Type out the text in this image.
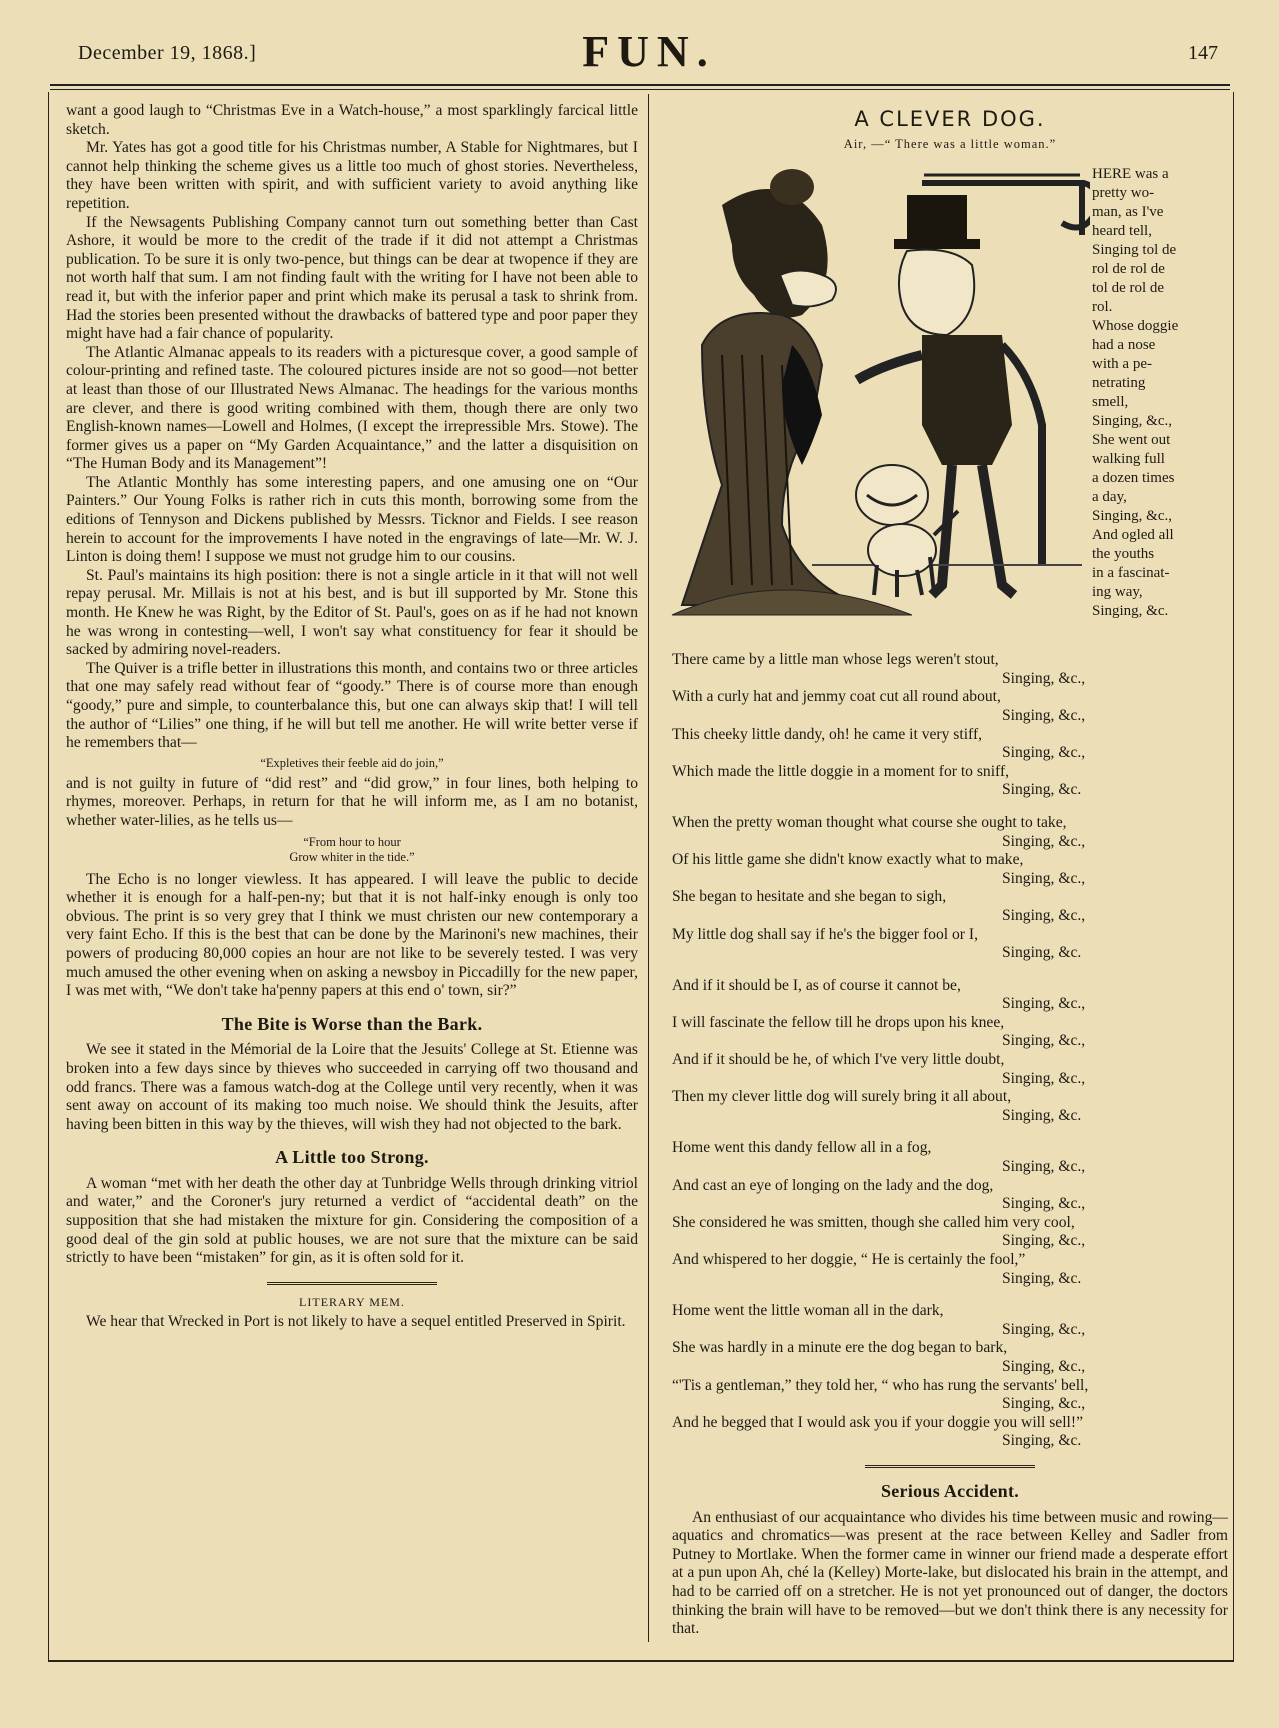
December 19, 1868.]	FUN.	147

want a good laugh to “Christmas Eve in a Watch-house,” a most sparklingly farcical little sketch.

Mr. Yates has got a good title for his Christmas number, A Stable for Nightmares, but I cannot help thinking the scheme gives us a little too much of ghost stories. Nevertheless, they have been written with spirit, and with sufficient variety to avoid anything like repetition.

If the Newsagents Publishing Company cannot turn out something better than Cast Ashore, it would be more to the credit of the trade if it did not attempt a Christmas publication. To be sure it is only two-pence, but things can be dear at twopence if they are not worth half that sum. I am not finding fault with the writing for I have not been able to read it, but with the inferior paper and print which make its perusal a task to shrink from. Had the stories been presented without the drawbacks of battered type and poor paper they might have had a fair chance of popularity.

The Atlantic Almanac appeals to its readers with a picturesque cover, a good sample of colour-printing and refined taste. The coloured pictures inside are not so good—not better at least than those of our Illustrated News Almanac. The headings for the various months are clever, and there is good writing combined with them, though there are only two English-known names—Lowell and Holmes, (I except the irrepressible Mrs. Stowe). The former gives us a paper on “My Garden Acquaintance,” and the latter a disquisition on “The Human Body and its Management”!

The Atlantic Monthly has some interesting papers, and one amusing one on “Our Painters.” Our Young Folks is rather rich in cuts this month, borrowing some from the editions of Tennyson and Dickens published by Messrs. Ticknor and Fields. I see reason herein to account for the improvements I have noted in the engravings of late—Mr. W. J. Linton is doing them! I suppose we must not grudge him to our cousins.

St. Paul's maintains its high position: there is not a single article in it that will not well repay perusal. Mr. Millais is not at his best, and is but ill supported by Mr. Stone this month. He Knew he was Right, by the Editor of St. Paul's, goes on as if he had not known he was wrong in contesting—well, I won't say what constituency for fear it should be sacked by admiring novel-readers.

The Quiver is a trifle better in illustrations this month, and contains two or three articles that one may safely read without fear of “goody.” There is of course more than enough “goody,” pure and simple, to counterbalance this, but one can always skip that! I will tell the author of “Lilies” one thing, if he will but tell me another. He will write better verse if he remembers that—

“Expletives their feeble aid do join,”

and is not guilty in future of “did rest” and “did grow,” in four lines, both helping to rhymes, moreover. Perhaps, in return for that he will inform me, as I am no botanist, whether water-lilies, as he tells us—

“From hour to hour
Grow whiter in the tide.”

The Echo is no longer viewless. It has appeared. I will leave the public to decide whether it is enough for a half-pen-ny; but that it is not half-inky enough is only too obvious. The print is so very grey that I think we must christen our new contemporary a very faint Echo. If this is the best that can be done by the Marinoni's new machines, their powers of producing 80,000 copies an hour are not like to be severely tested. I was very much amused the other evening when on asking a newsboy in Piccadilly for the new paper, I was met with, “We don't take ha'penny papers at this end o' town, sir?”

The Bite is Worse than the Bark.

We see it stated in the Mémorial de la Loire that the Jesuits' College at St. Etienne was broken into a few days since by thieves who succeeded in carrying off two thousand and odd francs. There was a famous watch-dog at the College until very recently, when it was sent away on account of its making too much noise. We should think the Jesuits, after having been bitten in this way by the thieves, will wish they had not objected to the bark.

A Little too Strong.

A woman “met with her death the other day at Tunbridge Wells through drinking vitriol and water,” and the Coroner's jury returned a verdict of “accidental death” on the supposition that she had mistaken the mixture for gin. Considering the composition of a good deal of the gin sold at public houses, we are not sure that the mixture can be said strictly to have been “mistaken” for gin, as it is often sold for it.

LITERARY MEM.

We hear that Wrecked in Port is not likely to have a sequel entitled Preserved in Spirit.

A CLEVER DOG.
Air, —“ There was a little woman.”
HERE was a
pretty wo-
man, as I've
heard tell,
Singing tol de
rol de rol de
tol de rol de
rol.
Whose doggie
had a nose
with a pe-
netrating
smell,
Singing, &c.,
She went out
walking full
a dozen times
a day,
Singing, &c.,
And ogled all
the youths
in a fascinat-
ing way,
Singing, &c.
There came by a little man whose legs weren't stout,
Singing, &c.,
With a curly hat and jemmy coat cut all round about,
Singing, &c.,
This cheeky little dandy, oh! he came it very stiff,
Singing, &c.,
Which made the little doggie in a moment for to sniff,
Singing, &c.
When the pretty woman thought what course she ought to take,
Singing, &c.,
Of his little game she didn't know exactly what to make,
Singing, &c.,
She began to hesitate and she began to sigh,
Singing, &c.,
My little dog shall say if he's the bigger fool or I,
Singing, &c.
And if it should be I, as of course it cannot be,
Singing, &c.,
I will fascinate the fellow till he drops upon his knee,
Singing, &c.,
And if it should be he, of which I've very little doubt,
Singing, &c.,
Then my clever little dog will surely bring it all about,
Singing, &c.
Home went this dandy fellow all in a fog,
Singing, &c.,
And cast an eye of longing on the lady and the dog,
Singing, &c.,
She considered he was smitten, though she called him very cool,
Singing, &c.,
And whispered to her doggie, “ He is certainly the fool,”
Singing, &c.
Home went the little woman all in the dark,
Singing, &c.,
She was hardly in a minute ere the dog began to bark,
Singing, &c.,
“'Tis a gentleman,” they told her, “ who has rung the servants' bell,
Singing, &c.,
And he begged that I would ask you if your doggie you will sell!”
Singing, &c.
Serious Accident.

An enthusiast of our acquaintance who divides his time between music and rowing—aquatics and chromatics—was present at the race between Kelley and Sadler from Putney to Mortlake. When the former came in winner our friend made a desperate effort at a pun upon Ah, ché la (Kelley) Morte-lake, but dislocated his brain in the attempt, and had to be carried off on a stretcher. He is not yet pronounced out of danger, the doctors thinking the brain will have to be removed—but we don't think there is any necessity for that.
